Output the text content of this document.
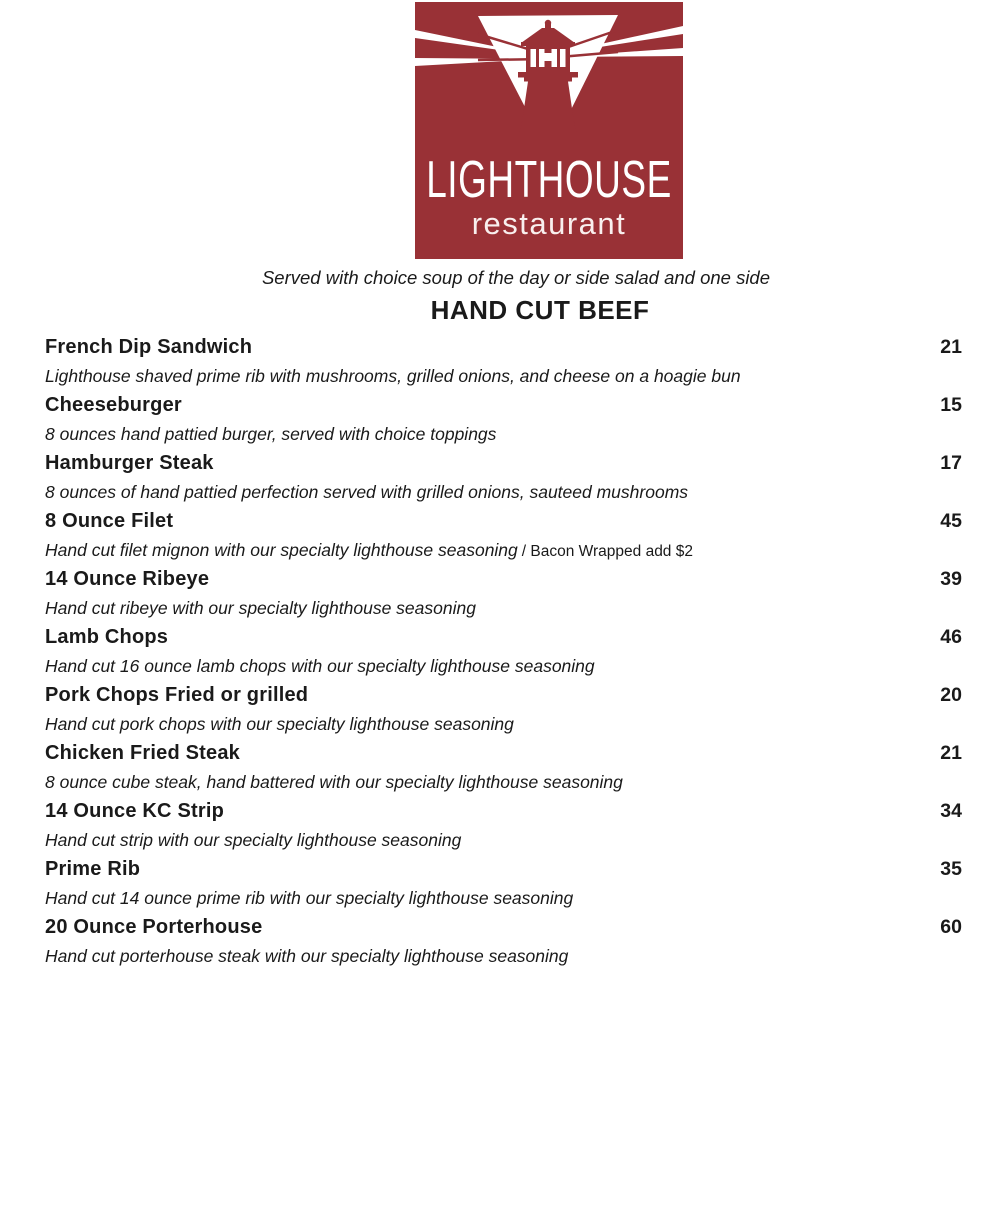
LIGHTHOUSE
restaurant
Served with choice soup of the day or side salad and one side
HAND CUT BEEF
French Dip Sandwich	21
Lighthouse shaved prime rib with mushrooms, grilled onions, and cheese on a hoagie bun
Cheeseburger	15
8 ounces hand pattied burger, served with choice toppings
Hamburger Steak	17
8 ounces of hand pattied perfection served with grilled onions, sauteed mushrooms
8 Ounce Filet	45
Hand cut filet mignon with our specialty lighthouse seasoning / Bacon Wrapped add $2
14 Ounce Ribeye	39
Hand cut ribeye with our specialty lighthouse seasoning
Lamb Chops	46
Hand cut 16 ounce lamb chops with our specialty lighthouse seasoning
Pork Chops Fried or grilled	20
Hand cut pork chops with our specialty lighthouse seasoning
Chicken Fried Steak	21
8 ounce cube steak, hand battered with our specialty lighthouse seasoning
14 Ounce KC Strip	34
Hand cut strip with our specialty lighthouse seasoning
Prime Rib	35
Hand cut 14 ounce prime rib with our specialty lighthouse seasoning
20 Ounce Porterhouse	60
Hand cut porterhouse steak with our specialty lighthouse seasoning
